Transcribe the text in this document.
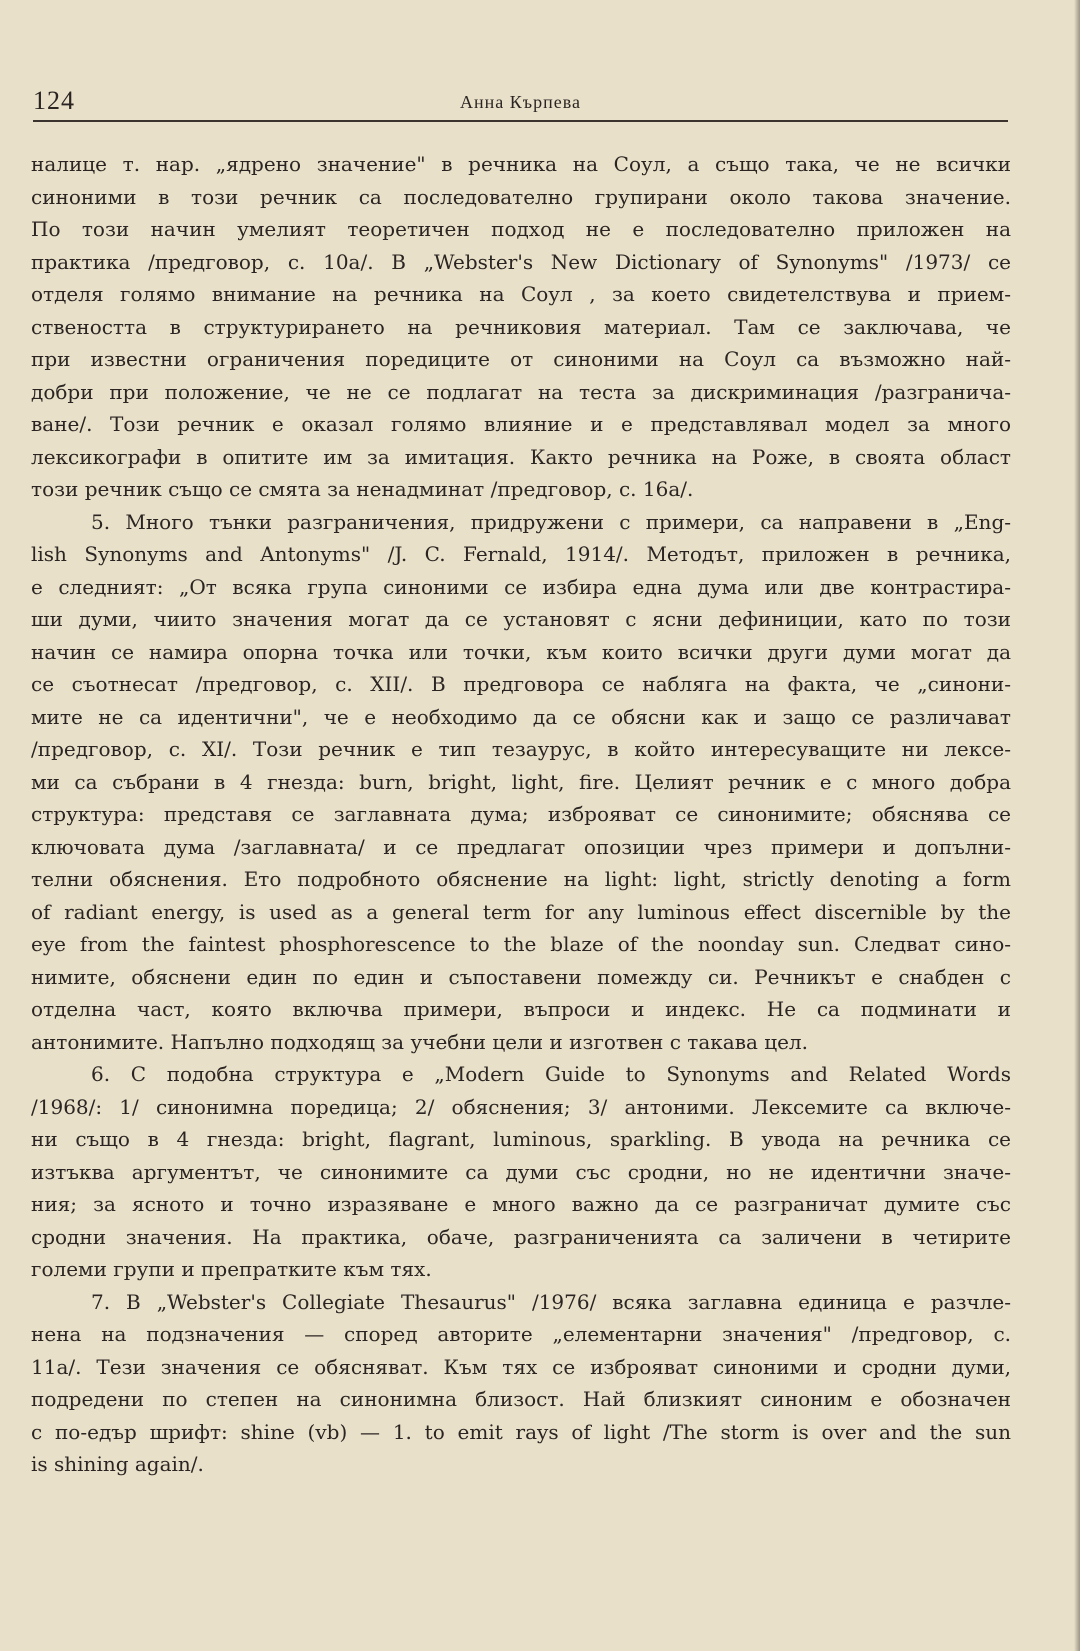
124	Анна Кърпева

налице т. нар. „ядрено значение" в речника на Соул, а също така, че не всички

синоними в този речник са последователно групирани около такова значение.

По този начин умелият теоретичен подход не е последователно приложен на

практика /предговор, с. 10а/. В „Webster's New Dictionary of Synonyms" /1973/ се

отделя голямо внимание на речника на Соул , за което свидетелствува и прием-

ствеността в структурирането на речниковия материал. Там се заключава, че

при известни ограничения поредиците от синоними на Соул са възможно най-

добри при положение, че не се подлагат на теста за дискриминация /разгранича-

ване/. Този речник е оказал голямо влияние и е представлявал модел за много

лексикографи в опитите им за имитация. Както речника на Роже, в своята област

този речник също се смята за ненадминат /предговор, с. 16а/.

5. Много тънки разграничения, придружени с примери, са направени в „Eng-

lish Synonyms and Antonyms" /J. C. Fernald, 1914/. Методът, приложен в речника,

е следният: „От всяка група синоними се избира една дума или две контрастира-

ши думи, чиито значения могат да се установят с ясни дефиниции, като по този

начин се намира опорна точка или точки, към които всички други думи могат да

се съотнесат /предговор, с. XII/. В предговора се набляга на факта, че „синони-

мите не са идентични", че е необходимо да се обясни как и защо се различават

/предговор, с. XI/. Този речник е тип тезаурус, в който интересуващите ни лексе-

ми са събрани в 4 гнезда: burn, bright, light, fire. Целият речник е с много добра

структура: представя се заглавната дума; изброяват се синонимите; обяснява се

ключовата дума /заглавната/ и се предлагат опозиции чрез примери и допълни-

телни обяснения. Ето подробното обяснение на light: light, strictly denoting a form

of radiant energy, is used as a general term for any luminous effect discernible by the

eye from the faintest phosphorescence to the blaze of the noonday sun. Следват сино-

нимите, обяснени един по един и съпоставени помежду си. Речникът е снабден с

отделна част, която включва примери, въпроси и индекс. Не са подминати и

антонимите. Напълно подходящ за учебни цели и изготвен с такава цел.

6. С подобна структура е „Modern Guide to Synonyms and Related Words

/1968/: 1/ синонимна поредица; 2/ обяснения; 3/ антоними. Лексемите са включе-

ни също в 4 гнезда: bright, flagrant, luminous, sparkling. В увода на речника се

изтъква аргументът, че синонимите са думи със сродни, но не идентични значе-

ния; за ясното и точно изразяване е много важно да се разграничат думите със

сродни значения. На практика, обаче, разграниченията са заличени в четирите

големи групи и препратките към тях.

7. В „Webster's Collegiate Thesaurus" /1976/ всяка заглавна единица е разчле-

нена на подзначения — според авторите „елементарни значения" /предговор, с.

11а/. Тези значения се обясняват. Към тях се изброяват синоними и сродни думи,

подредени по степен на синонимна близост. Най близкият синоним е обозначен

с по-едър шрифт: shine (vb) — 1. to emit rays of light /The storm is over and the sun

is shining again/.
